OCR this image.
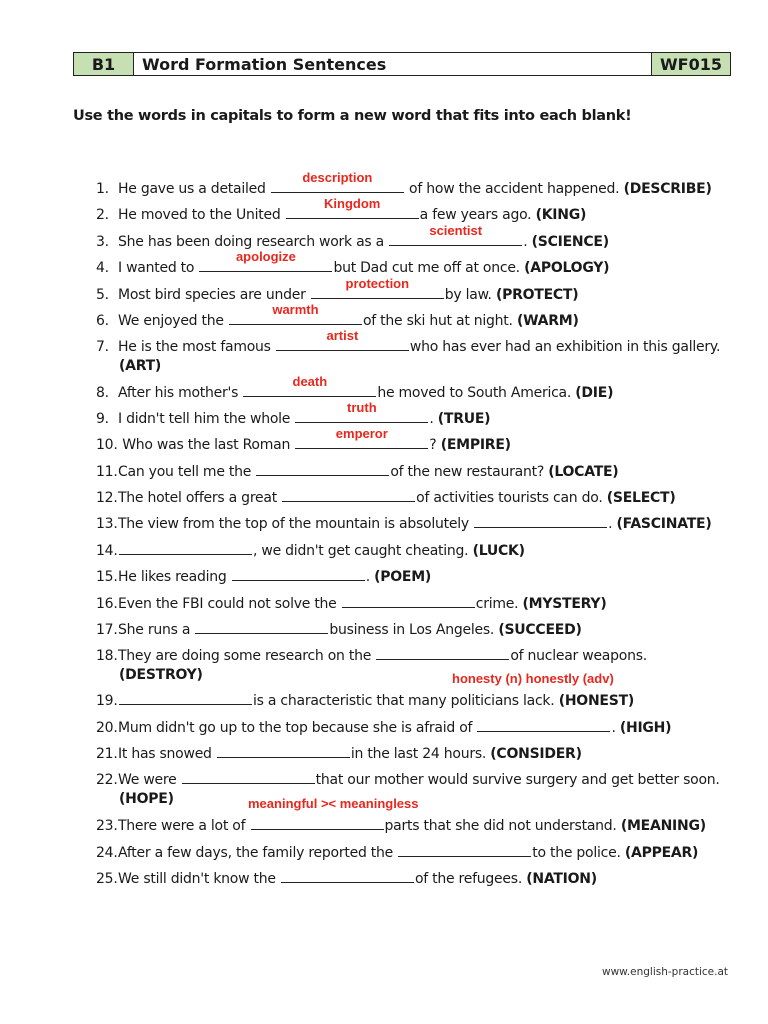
B1	Word Formation Sentences	WF015
Use the words in capitals to form a new word that fits into each blank!
1. He gave us a detailed
description
of how the accident happened. (DESCRIBE)
2. He moved to the United
Kingdom
a few years ago. (KING)
3. She has been doing research work as a
scientist
. (SCIENCE)
4. I wanted to
apologize
but Dad cut me off at once. (APOLOGY)
5. Most bird species are under
protection
by law. (PROTECT)
6. We enjoyed the
warmth
of the ski hut at night. (WARM)
7. He is the most famous
artist
who has ever had an exhibition in this gallery.
(ART)
8. After his mother's
death
he moved to South America. (DIE)
9. I didn't tell him the whole
truth
. (TRUE)
10. Who was the last Roman
emperor
? (EMPIRE)
11.Can you tell me the	of the new restaurant? (LOCATE)
12.The hotel offers a great	of activities tourists can do. (SELECT)
13.The view from the top of the mountain is absolutely	. (FASCINATE)
14.	, we didn't get caught cheating. (LUCK)
15.He likes reading	. (POEM)
16.Even the FBI could not solve the	crime. (MYSTERY)
17.She runs a	business in Los Angeles. (SUCCEED)
18.They are doing some research on the	of nuclear weapons.
(DESTROY)
19.	is a characteristic that many politicians lack. (HONEST)
20.Mum didn't go up to the top because she is afraid of	. (HIGH)
21.It has snowed	in the last 24 hours. (CONSIDER)
22.We were	that our mother would survive surgery and get better soon.
(HOPE)
23.There were a lot of	parts that she did not understand. (MEANING)
24.After a few days, the family reported the	to the police. (APPEAR)
25.We still didn't know the	of the refugees. (NATION)
honesty (n) honestly (adv)
meaningful >< meaningless
www.english-practice.at
